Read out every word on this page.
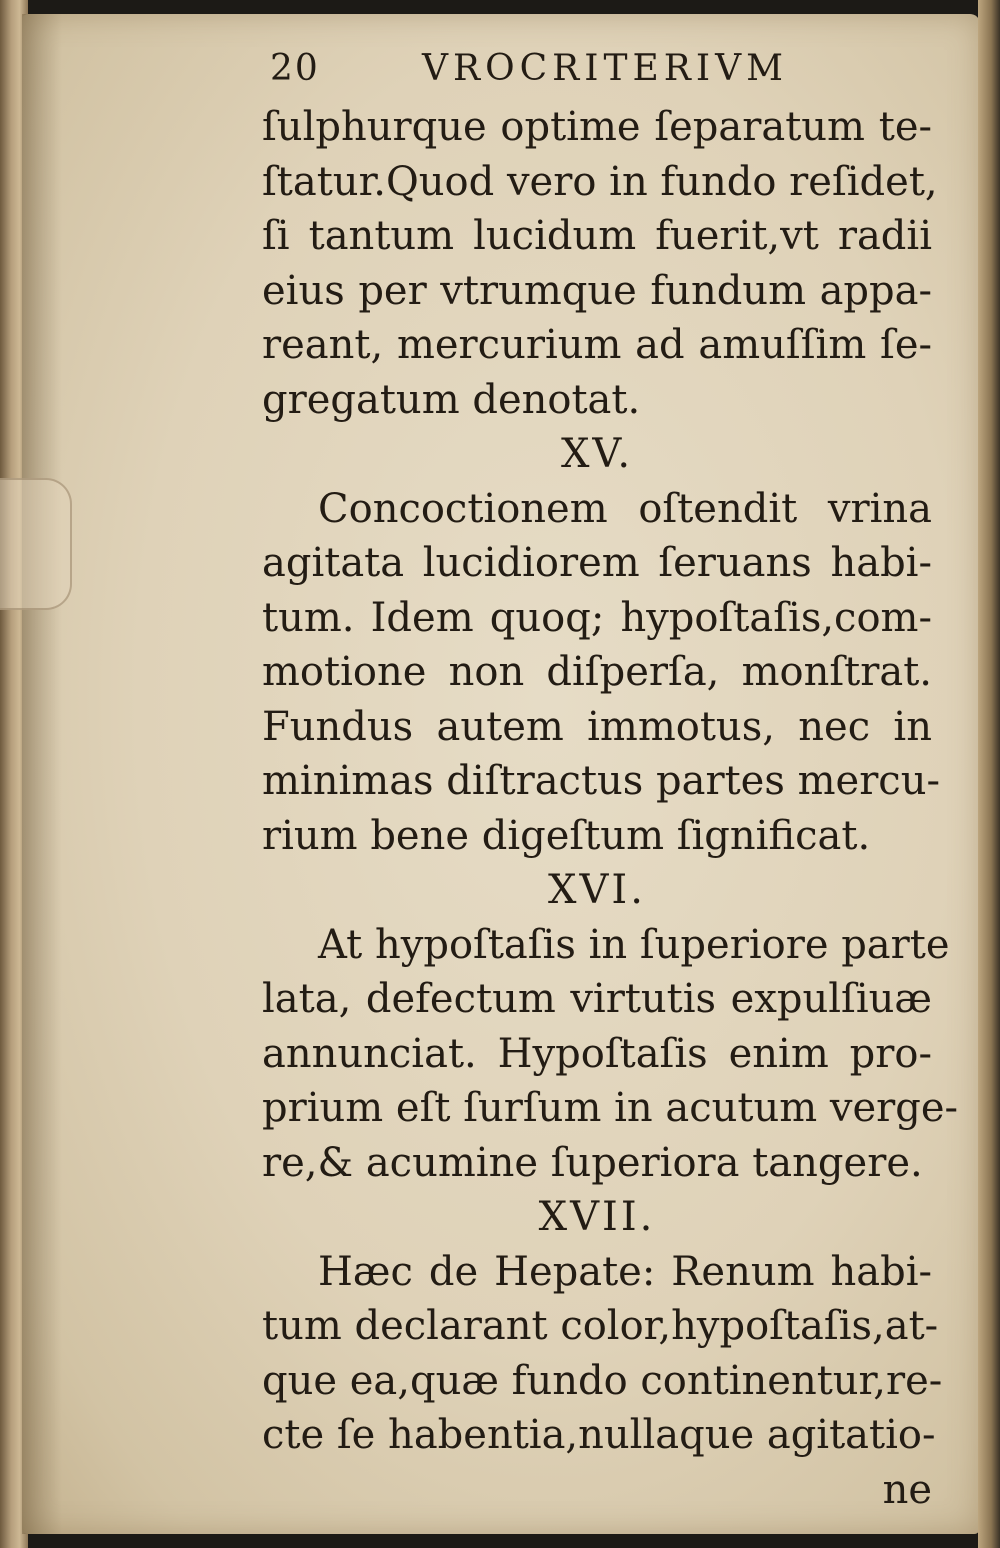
20	VROCRITERIVM
ſulphurque optime ſeparatum te-
ſtatur.Quod vero in fundo reſidet,
ſi tantum lucidum fuerit,vt radii
eius per vtrumque fundum appa-
reant, mercurium ad amuſſim ſe-
gregatum denotat.
XV.
Concoctionem oſtendit vrina
agitata lucidiorem ſeruans habi-
tum. Idem quoq; hypoſtaſis,com-
motione non diſperſa, monſtrat.
Fundus autem immotus, nec in
minimas diſtractus partes mercu-
rium bene digeſtum ſignificat.
XVI.
At hypoſtaſis in ſuperiore parte
lata, defectum virtutis expulſiuæ
annunciat. Hypoſtaſis enim pro-
prium eſt ſurſum in acutum verge-
re,& acumine ſuperiora tangere.
XVII.
Hæc de Hepate: Renum habi-
tum declarant color,hypoſtaſis,at-
que ea,quæ fundo continentur,re-
cte ſe habentia,nullaque agitatio-
ne
